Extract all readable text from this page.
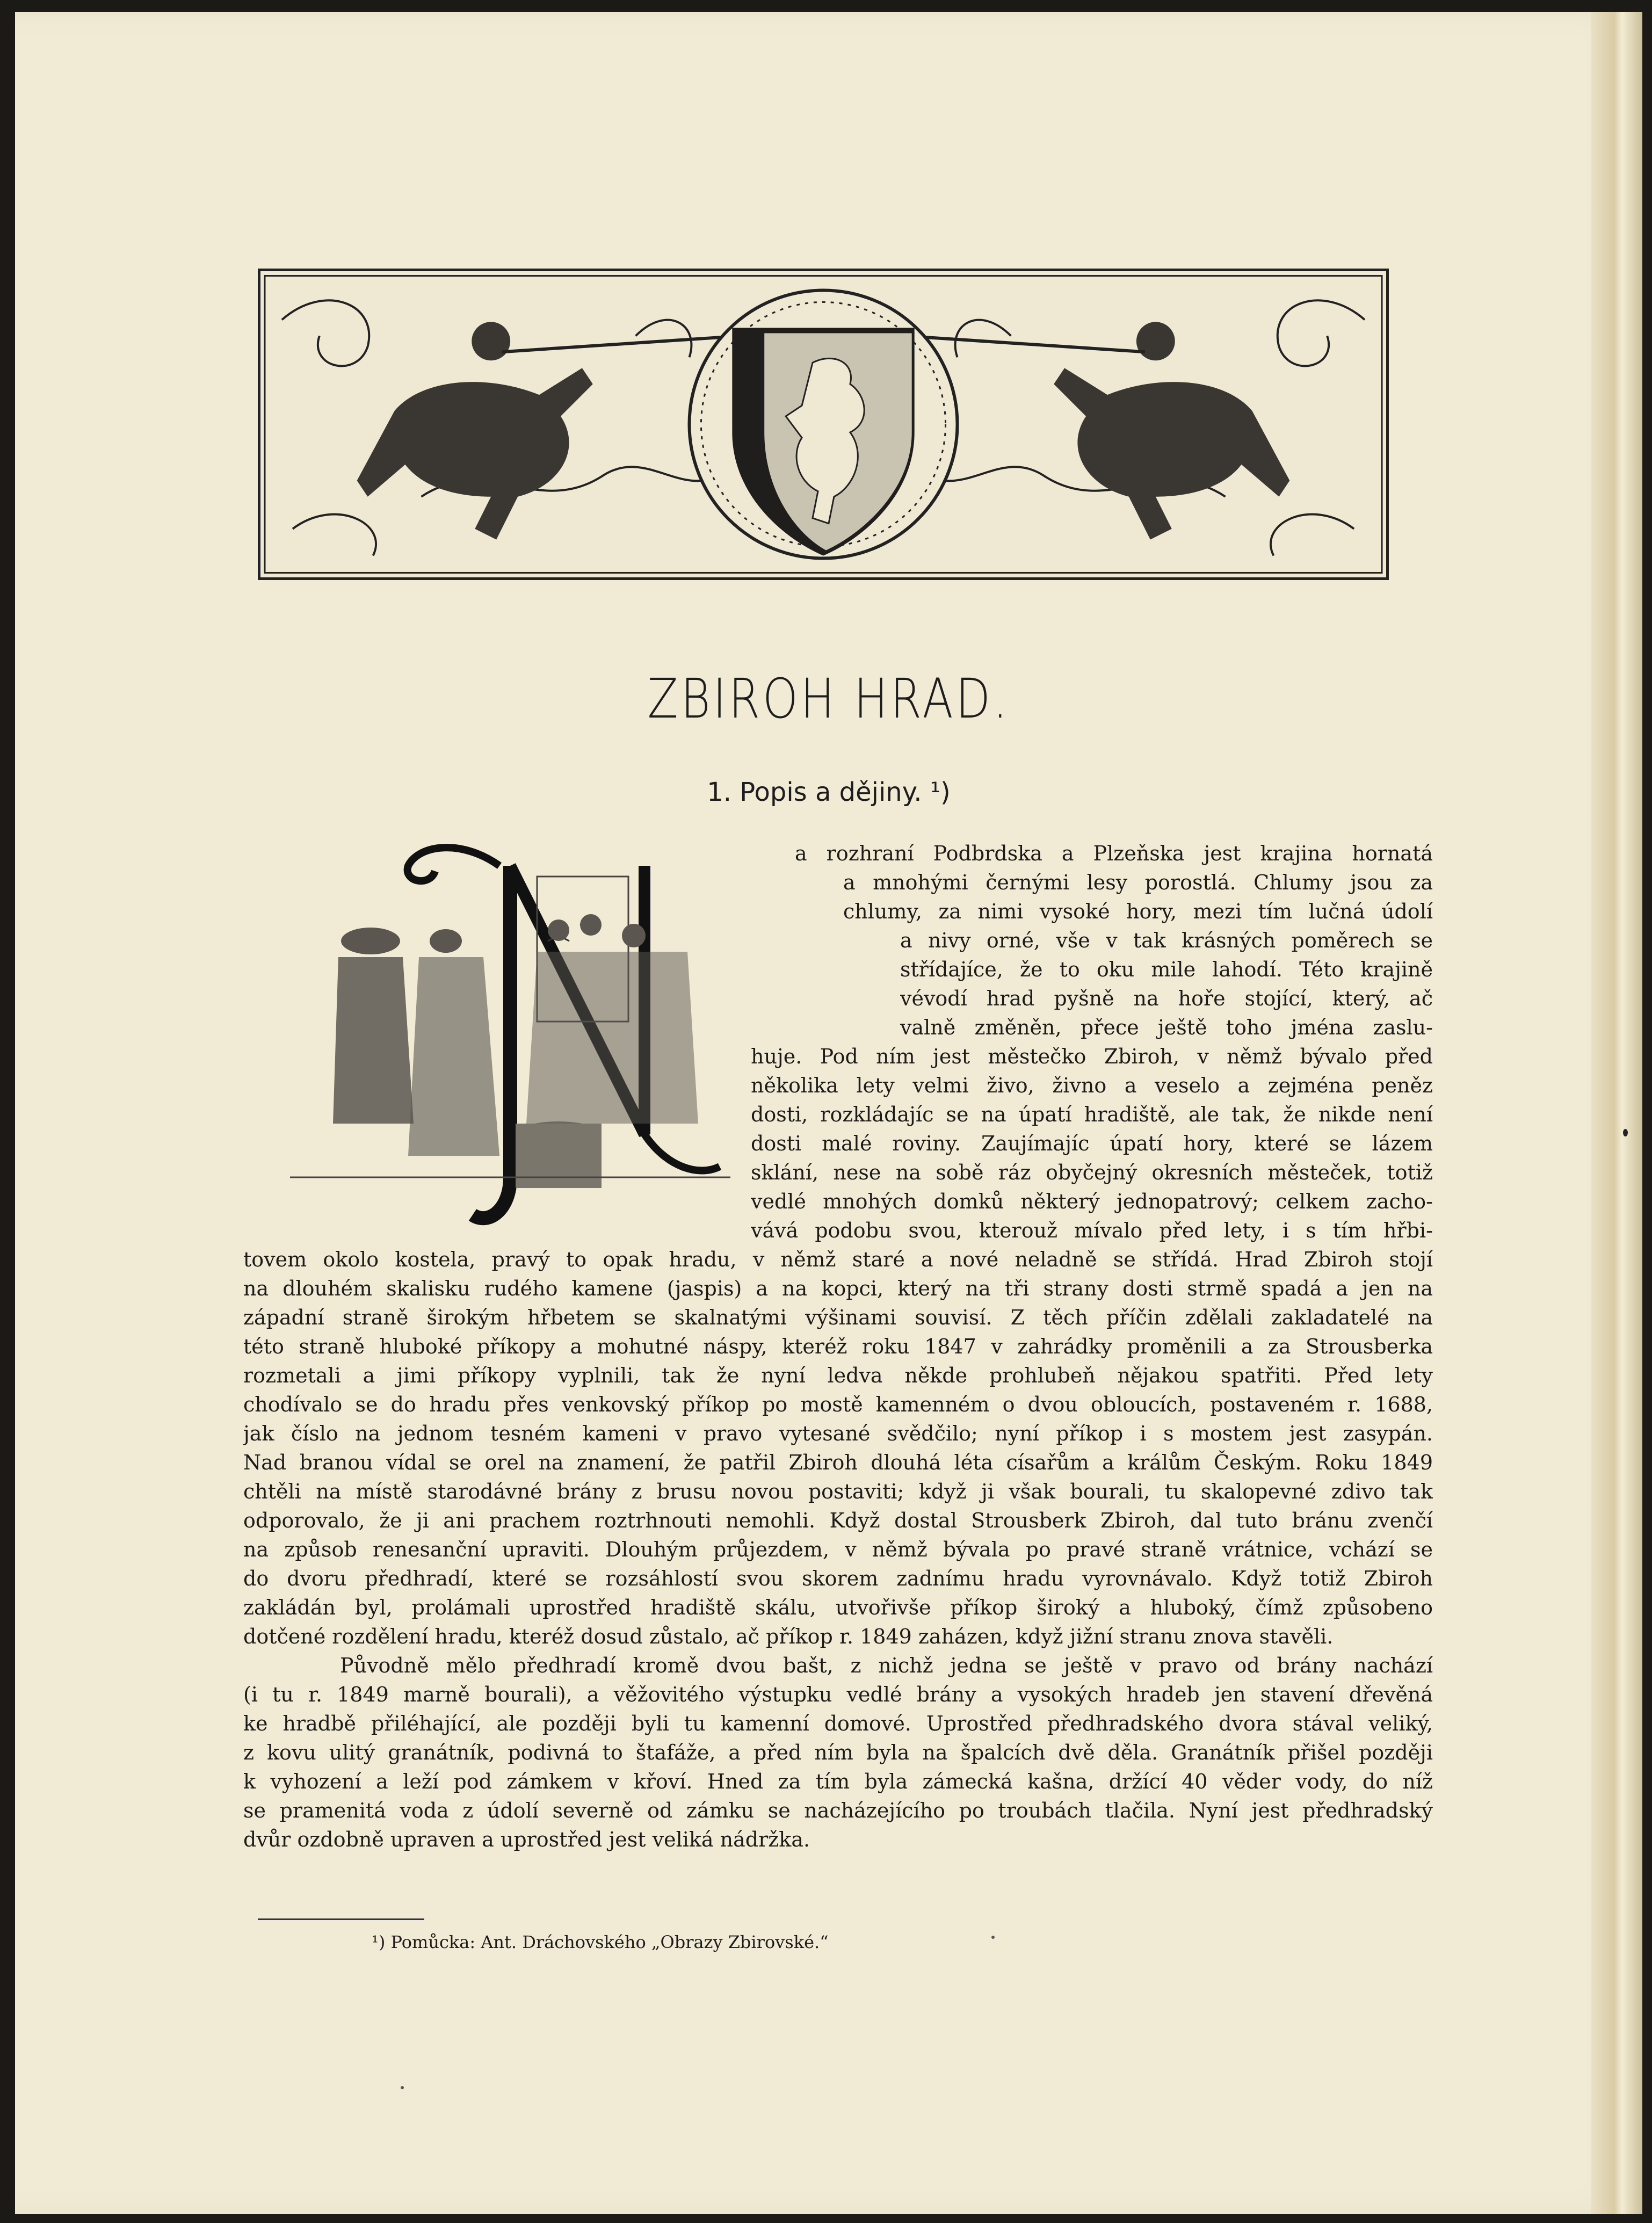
ZBIROH HRAD.
1. Popis a dějiny. ¹)
a rozhraní Podbrdska a Plzeňska jest krajina hornatá
a mnohými černými lesy porostlá. Chlumy jsou za
chlumy, za nimi vysoké hory, mezi tím lučná údolí
a nivy orné, vše v tak krásných poměrech se
střídajíce, že to oku mile lahodí. Této krajině
vévodí hrad pyšně na hoře stojící, který, ač
valně změněn, přece ještě toho jména zaslu-
huje. Pod ním jest městečko Zbiroh, v němž bývalo před
několika lety velmi živo, živno a veselo a zejména peněz
dosti, rozkládajíc se na úpatí hradiště, ale tak, že nikde není
dosti malé roviny. Zaujímajíc úpatí hory, které se lázem
sklání, nese na sobě ráz obyčejný okresních městeček, totiž
vedlé mnohých domků některý jednopatrový; celkem zacho-
vává podobu svou, kterouž mívalo před lety, i s tím hřbi-
tovem okolo kostela, pravý to opak hradu, v němž staré a nové neladně se střídá. Hrad Zbiroh stojí
na dlouhém skalisku rudého kamene (jaspis) a na kopci, který na tři strany dosti strmě spadá a jen na
západní straně širokým hřbetem se skalnatými výšinami souvisí. Z těch příčin zdělali zakladatelé na
této straně hluboké příkopy a mohutné náspy, kteréž roku 1847 v zahrádky proměnili a za Strousberka
rozmetali a jimi příkopy vyplnili, tak že nyní ledva někde prohlubeň nějakou spatřiti. Před lety
chodívalo se do hradu přes venkovský příkop po mostě kamenném o dvou obloucích, postaveném r. 1688,
jak číslo na jednom tesném kameni v pravo vytesané svědčilo; nyní příkop i s mostem jest zasypán.
Nad branou vídal se orel na znamení, že patřil Zbiroh dlouhá léta císařům a králům Českým. Roku 1849
chtěli na místě starodávné brány z brusu novou postaviti; když ji však bourali, tu skalopevné zdivo tak
odporovalo, že ji ani prachem roztrhnouti nemohli. Když dostal Strousberk Zbiroh, dal tuto bránu zvenčí
na způsob renesanční upraviti. Dlouhým průjezdem, v němž bývala po pravé straně vrátnice, vchází se
do dvoru předhradí, které se rozsáhlostí svou skorem zadnímu hradu vyrovnávalo. Když totiž Zbiroh
zakládán byl, prolámali uprostřed hradiště skálu, utvořivše příkop široký a hluboký, čímž způsobeno
dotčené rozdělení hradu, kteréž dosud zůstalo, ač příkop r. 1849 zaházen, když jižní stranu znova stavěli.
Původně mělo předhradí kromě dvou bašt, z nichž jedna se ještě v pravo od brány nachází
(i tu r. 1849 marně bourali), a věžovitého výstupku vedlé brány a vysokých hradeb jen stavení dřevěná
ke hradbě přiléhající, ale později byli tu kamenní domové. Uprostřed předhradského dvora stával veliký,
z kovu ulitý granátník, podivná to štafáže, a před ním byla na špalcích dvě děla. Granátník přišel později
k vyhození a leží pod zámkem v křoví. Hned za tím byla zámecká kašna, držící 40 věder vody, do níž
se pramenitá voda z údolí severně od zámku se nacházejícího po troubách tlačila. Nyní jest předhradský
dvůr ozdobně upraven a uprostřed jest veliká nádržka.
¹) Pomůcka: Ant. Dráchovského „Obrazy Zbirovské.“
